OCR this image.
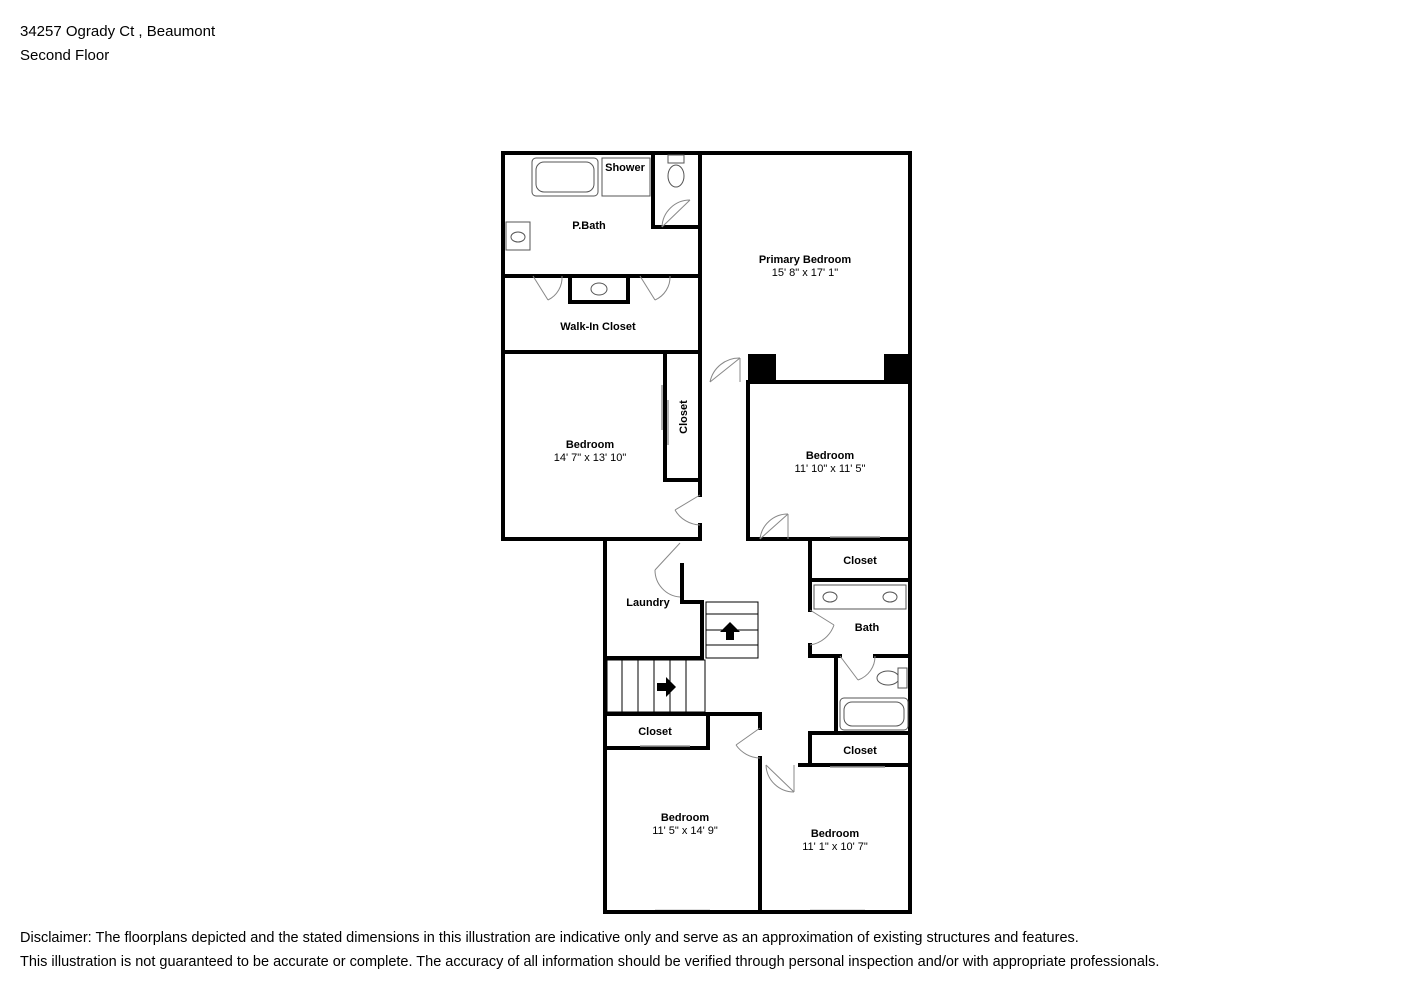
34257 Ogrady Ct , Beaumont
Second Floor
Shower
P.Bath
Walk-In Closet
Primary Bedroom
15' 8" x 17' 1"
Bedroom
14' 7" x 13' 10"
Closet
Bedroom
11' 10" x 11' 5"
Closet
Laundry
Bath
Closet
Closet
Bedroom
11' 5" x 14' 9"	Bedroom
11' 1" x 10' 7"
Disclaimer: The floorplans depicted and the stated dimensions in this illustration are indicative only and serve as an approximation of existing structures and features.
This illustration is not guaranteed to be accurate or complete. The accuracy of all information should be verified through personal inspection and/or with appropriate professionals.
